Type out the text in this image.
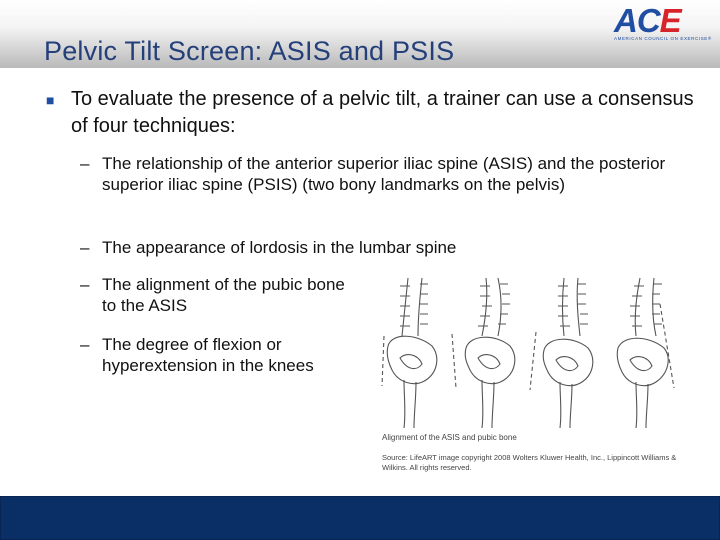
Pelvic Tilt Screen: ASIS and PSIS
ACE
AMERICAN COUNCIL ON EXERCISE®
■ To evaluate the presence of a pelvic tilt, a trainer can use a consensus of four techniques:
– The relationship of the anterior superior iliac spine (ASIS) and the posterior superior iliac spine (PSIS) (two bony landmarks on the pelvis)
– The appearance of lordosis in the lumbar spine
– The alignment of the pubic bone to the ASIS
– The degree of flexion or hyperextension in the knees
Alignment of the ASIS and pubic bone
Source: LifeART image copyright 2008 Wolters Kluwer Health, Inc., Lippincott Williams & Wilkins. All rights reserved.
